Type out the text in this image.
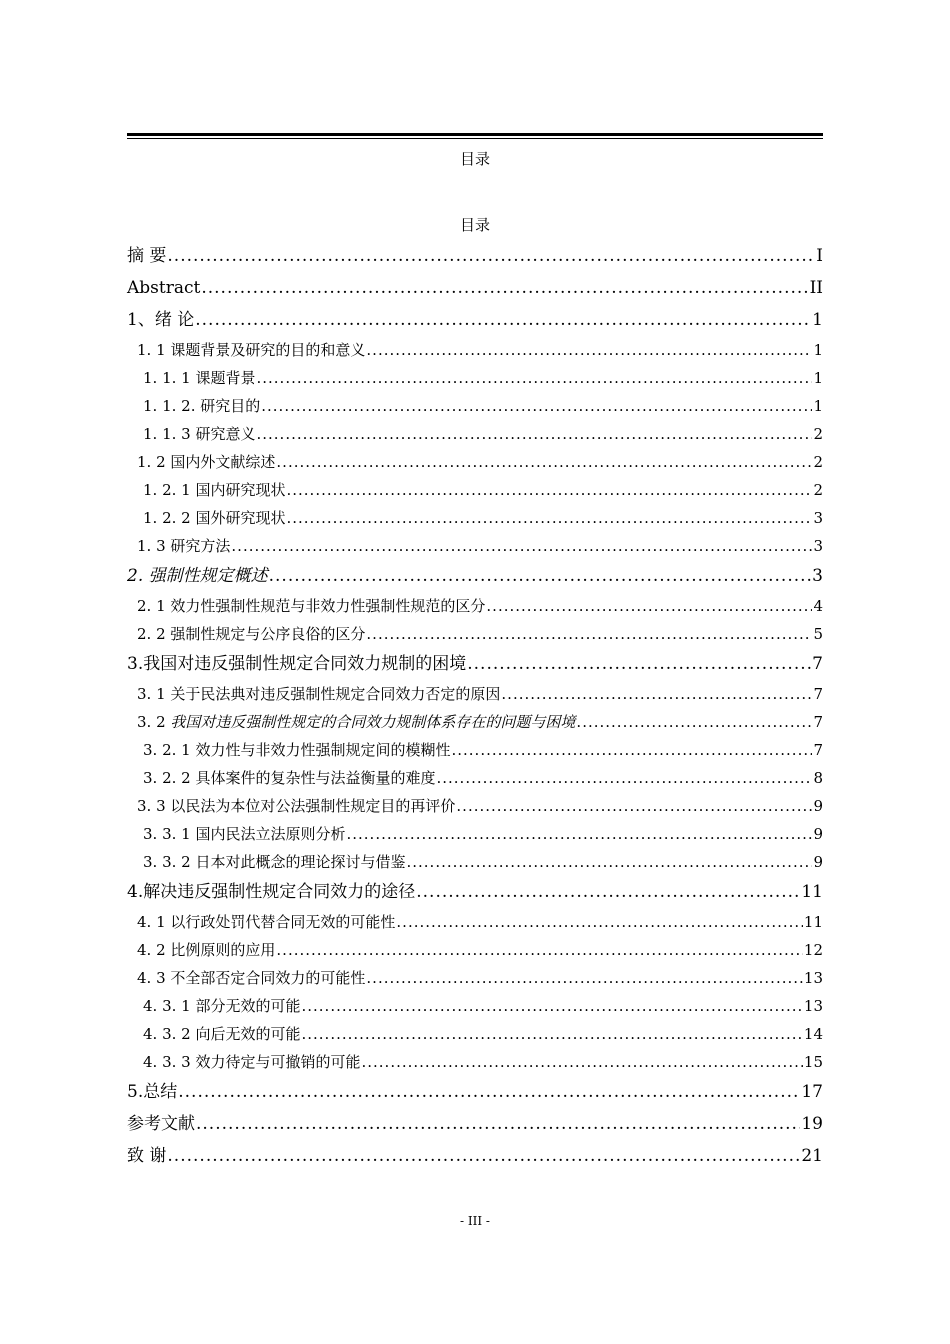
目录
目录
摘 要 .....	I
Abstract .....	II
1、绪 论 .....	1
1. 1 课题背景及研究的目的和意义 .....	1
1. 1. 1 课题背景 .....	1
1. 1. 2. 研究目的 .....	1
1. 1. 3 研究意义 .....	2
1. 2 国内外文献综述 .....	2
1. 2. 1 国内研究现状 .....	2
1. 2. 2 国外研究现状 .....	3
1. 3 研究方法 .....	3
2. 强制性规定概述 .....	3
2. 1 效力性强制性规范与非效力性强制性规范的区分 .....	4
2. 2 强制性规定与公序良俗的区分 .....	5
3.我国对违反强制性规定合同效力规制的困境 .....	7
3. 1 关于民法典对违反强制性规定合同效力否定的原因 .....	7
3. 2 我国对违反强制性规定的合同效力规制体系存在的问题与困境 .....	7
3. 2. 1 效力性与非效力性强制规定间的模糊性 .....	7
3. 2. 2 具体案件的复杂性与法益衡量的难度 .....	8
3. 3 以民法为本位对公法强制性规定目的再评价 .....	9
3. 3. 1 国内民法立法原则分析 .....	9
3. 3. 2 日本对此概念的理论探讨与借鉴 .....	9
4.解决违反强制性规定合同效力的途径 .....	11
4. 1 以行政处罚代替合同无效的可能性 .....	11
4. 2 比例原则的应用 .....	12
4. 3 不全部否定合同效力的可能性 .....	13
4. 3. 1 部分无效的可能 .....	13
4. 3. 2 向后无效的可能 .....	14
4. 3. 3 效力待定与可撤销的可能 .....	15
5.总结 .....	17
参考文献 .....	19
致 谢 .....	21
- III -
